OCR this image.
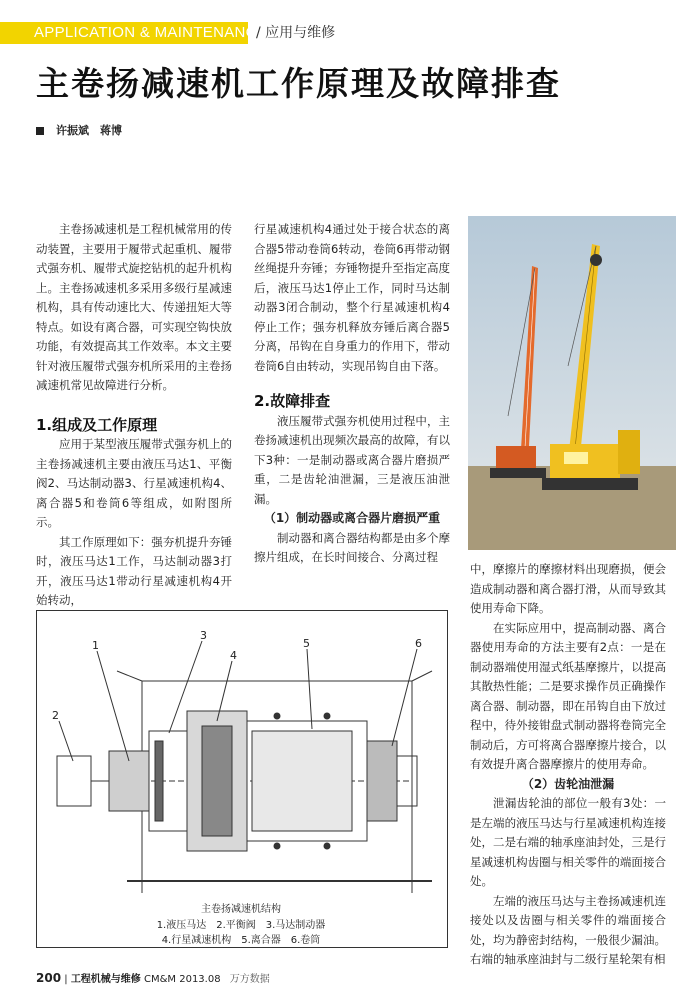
APPLICATION & MAINTENANCE
/ 应用与维修
主卷扬减速机工作原理及故障排查
许振斌　蒋博

主卷扬减速机是工程机械常用的传动装置，主要用于履带式起重机、履带式强夯机、履带式旋挖钻机的起升机构上。主卷扬减速机多采用多级行星减速机构，具有传动速比大、传递扭矩大等特点。如设有离合器，可实现空钩快放功能，有效提高其工作效率。本文主要针对液压履带式强夯机所采用的主卷扬减速机常见故障进行分析。

1.组成及工作原理

应用于某型液压履带式强夯机上的主卷扬减速机主要由液压马达1、平衡阀2、马达制动器3、行星减速机构4、离合器5和卷筒6等组成，如附图所示。

其工作原理如下：强夯机提升夯锤时，液压马达1工作，马达制动器3打开，液压马达1带动行星减速机构4开始转动，

行星减速机构4通过处于接合状态的离合器5带动卷筒6转动，卷筒6再带动钢丝绳提升夯锤；夯锤物提升至指定高度后，液压马达1停止工作，同时马达制动器3闭合制动，整个行星减速机构4停止工作；强夯机释放夯锤后离合器5分离，吊钩在自身重力的作用下，带动卷筒6自由转动，实现吊钩自由下落。

2.故障排查

液压履带式强夯机使用过程中，主卷扬减速机出现频次最高的故障，有以下3种：一是制动器或离合器片磨损严重，二是齿轮油泄漏，三是液压油泄漏。

（1）制动器或离合器片磨损严重

制动器和离合器结构都是由多个摩擦片组成，在长时间接合、分离过程

中，摩擦片的摩擦材料出现磨损，便会造成制动器和离合器打滑，从而导致其使用寿命下降。

在实际应用中，提高制动器、离合器使用寿命的方法主要有2点：一是在制动器端使用湿式纸基摩擦片，以提高其散热性能；二是要求操作员正确操作离合器、制动器，即在吊钩自由下放过程中，待外接钳盘式制动器将卷筒完全制动后，方可将离合器摩擦片接合，以有效提升离合器摩擦片的使用寿命。

（2）齿轮油泄漏

泄漏齿轮油的部位一般有3处：一是左端的液压马达与行星减速机构连接处，二是右端的轴承座油封处，三是行星减速机构齿圈与相关零件的端面接合处。

左端的液压马达与主卷扬减速机连接处以及齿圈与相关零件的端面接合处，均为静密封结构，一般很少漏油。右端的轴承座油封与二级行星轮架有相

1
2
3
4
5	6
主卷扬减速机结构
1.液压马达　2.平衡阀　3.马达制动器
4.行星减速机构　5.离合器　6.卷筒
200 | 工程机械与维修 CM&M 2013.08 万方数据
